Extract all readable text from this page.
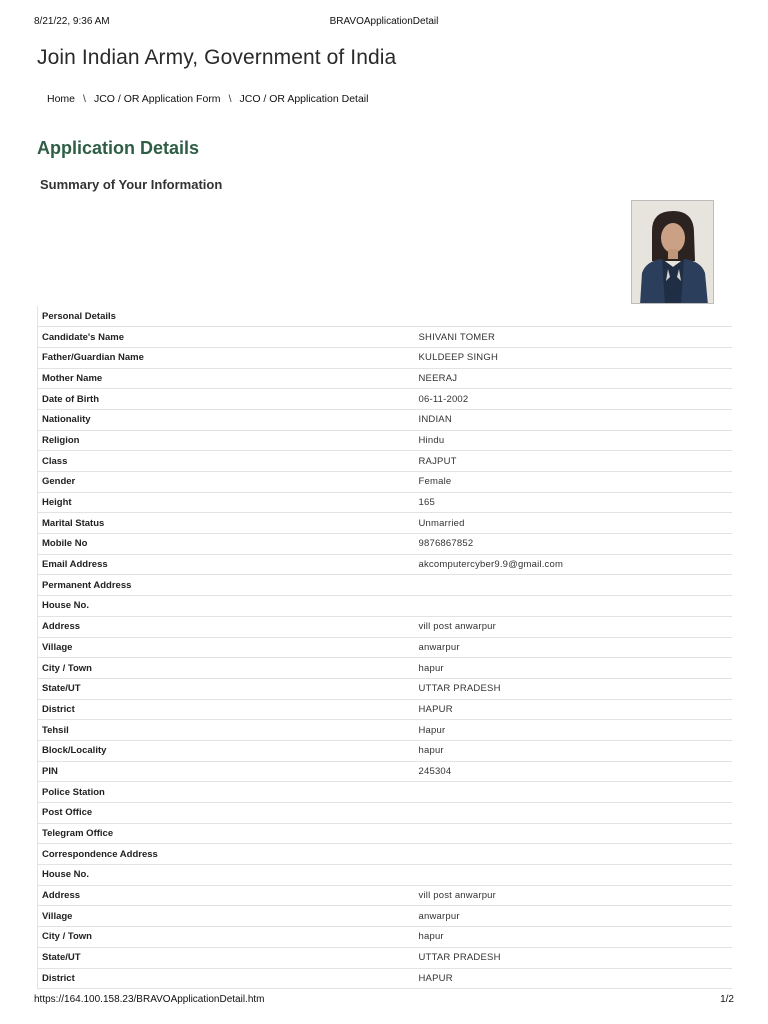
8/21/22, 9:36 AM	BRAVOApplicationDetail
Join Indian Army, Government of India
Home \ JCO / OR Application Form \ JCO / OR Application Detail
Application Details
Summary of Your Information
Personal Details	
Candidate's Name	SHIVANI TOMER
Father/Guardian Name	KULDEEP SINGH
Mother Name	NEERAJ
Date of Birth	06-11-2002
Nationality	INDIAN
Religion	Hindu
Class	RAJPUT
Gender	Female
Height	165
Marital Status	Unmarried
Mobile No	9876867852
Email Address	akcomputercyber9.9@gmail.com
Permanent Address	
House No.	
Address	vill post anwarpur
Village	anwarpur
City / Town	hapur
State/UT	UTTAR PRADESH
District	HAPUR
Tehsil	Hapur
Block/Locality	hapur
PIN	245304
Police Station	
Post Office	
Telegram Office	
Correspondence Address	
House No.	
Address	vill post anwarpur
Village	anwarpur
City / Town	hapur
State/UT	UTTAR PRADESH
District	HAPUR
https://164.100.158.23/BRAVOApplicationDetail.htm	1/2
